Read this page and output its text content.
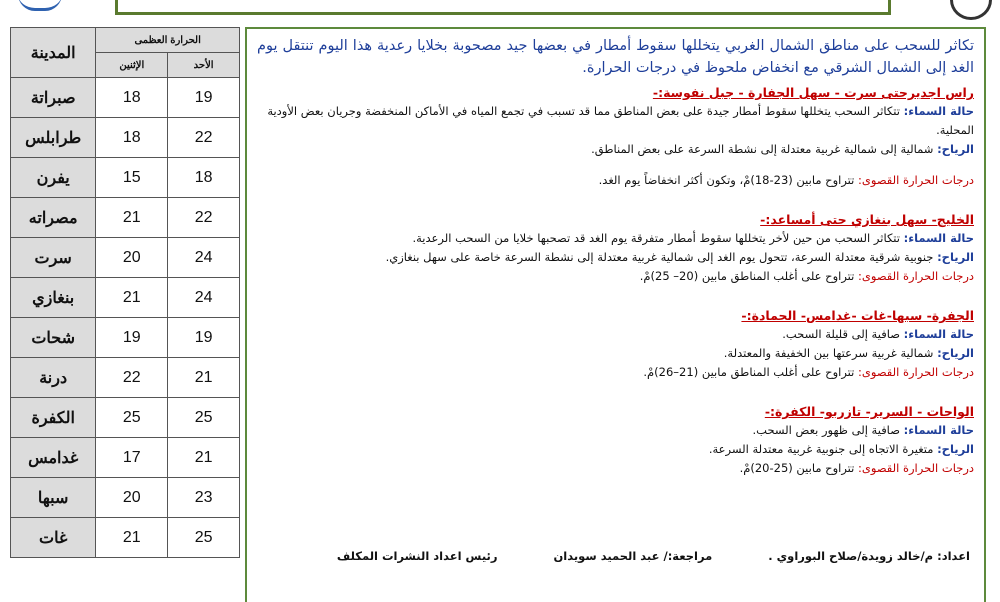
الحرارة العظمى		المدينة
الأحد	الإثنين	
19	18	صبراتة
22	18	طرابلس
18	15	يفرن
22	21	مصراته
24	20	سرت
24	21	بنغازي
19	19	شحات
21	22	درنة
25	25	الكفرة
21	17	غدامس
23	20	سبها
25	21	غات
تكاثر للسحب على مناطق الشمال الغربي يتخللها سقوط أمطار في بعضها جيد مصحوبة بخلايا رعدية هذا اليوم تنتقل يوم الغد إلى الشمال الشرقي مع انخفاض ملحوظ في درجات الحرارة.
راس اجديرحتى سرت - سهل الجفارة - جبل نفوسة:-
حالة السماء: تتكاثر السحب يتخللها سقوط أمطار جيدة على بعض المناطق مما قد تسبب في تجمع المياه في الأماكن المنخفضة وجريان بعض الأودية المحلية.
الرياح: شمالية إلى شمالية غربية معتدلة إلى نشطة السرعة على بعض المناطق.
درجات الحرارة القصوى: تتراوح مابين (23-18)مْ، وتكون أكثر انخفاضاً يوم الغد.
الخليج- سهل بنغازي حتى أمساعد:-
حالة السماء: تتكاثر السحب من حين لأخر يتخللها سقوط أمطار متفرقة يوم الغد قد تصحبها خلايا من السحب الرعدية.
الرياح: جنوبية شرقية معتدلة السرعة، تتحول يوم الغد إلى شمالية غربية معتدلة إلى نشطة السرعة خاصة على سهل بنغازي.
درجات الحرارة القصوى: تتراوح على أغلب المناطق مابين (20– 25)مْ.
الجفرة- سبها-غات -غدامس- الحمادة:-
حالة السماء: صافية إلى قليلة السحب.
الرياح: شمالية غربية سرعتها بين الخفيفة والمعتدلة.
درجات الحرارة القصوى: تتراوح على أغلب المناطق مابين (21–26)مْ.
الواحات - السرير- تازربو- الكفرة:-
حالة السماء: صافية إلى ظهور بعض السحب.
الرياح: متغيرة الاتجاه إلى جنوبية غربية معتدلة السرعة.
درجات الحرارة القصوى: تتراوح مابين (25-20)مْ.
اعداد: م/خالد زويدة/صلاح البوراوي .مراجعة:/ عبد الحميد سويدانرئيس اعداد النشرات المكلف
